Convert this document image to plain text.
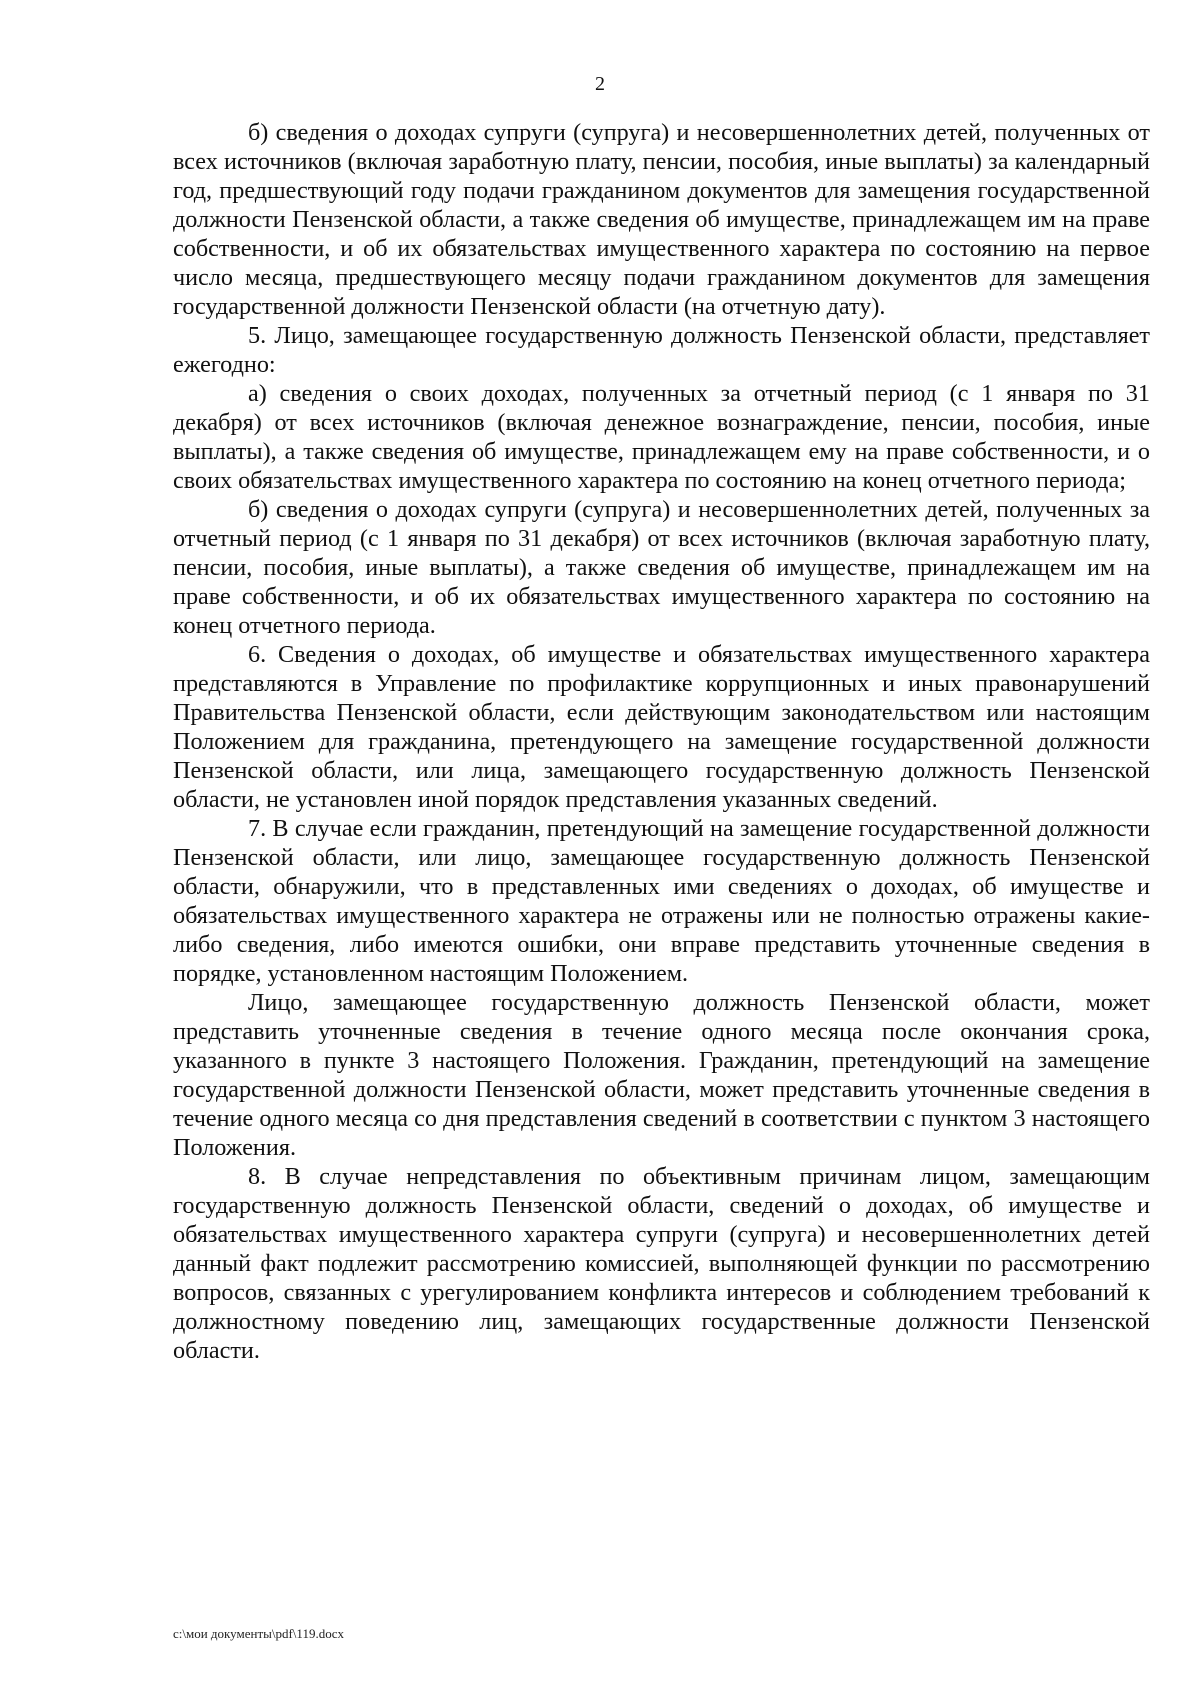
2

б) сведения о доходах супруги (супруга) и несовершеннолетних детей, полученных от всех источников (включая заработную плату, пенсии, пособия, иные выплаты) за календарный год, предшествующий году подачи гражданином документов для замещения государственной должности Пензенской области, а также сведения об имуществе, принадлежащем им на праве собственности, и об их обязательствах имущественного характера по состоянию на первое число месяца, предшествующего месяцу подачи гражданином документов для замещения государственной должности Пензенской области (на отчетную дату).

5. Лицо, замещающее государственную должность Пензенской области, представляет ежегодно:

а) сведения о своих доходах, полученных за отчетный период (с 1 января по 31 декабря) от всех источников (включая денежное вознаграждение, пенсии, пособия, иные выплаты), а также сведения об имуществе, принадлежащем ему на праве собственности, и о своих обязательствах имущественного характера по состоянию на конец отчетного периода;

б) сведения о доходах супруги (супруга) и несовершеннолетних детей, полученных за отчетный период (с 1 января по 31 декабря) от всех источников (включая заработную плату, пенсии, пособия, иные выплаты), а также сведения об имуществе, принадлежащем им на праве собственности, и об их обязательствах имущественного характера по состоянию на конец отчетного периода.

6. Сведения о доходах, об имуществе и обязательствах имущественного характера представляются в Управление по профилактике коррупционных и иных правонарушений Правительства Пензенской области, если действующим законодательством или настоящим Положением для гражданина, претендующего на замещение государственной должности Пензенской области, или лица, замещающего государственную должность Пензенской области, не установлен иной порядок представления указанных сведений.

7. В случае если гражданин, претендующий на замещение государственной должности Пензенской области, или лицо, замещающее государственную должность Пензенской области, обнаружили, что в представленных ими сведениях о доходах, об имуществе и обязательствах имущественного характера не отражены или не полностью отражены какие-либо сведения, либо имеются ошибки, они вправе представить уточненные сведения в порядке, установленном настоящим Положением.

Лицо, замещающее государственную должность Пензенской области, может представить уточненные сведения в течение одного месяца после окончания срока, указанного в пункте 3 настоящего Положения. Гражданин, претендующий на замещение государственной должности Пензенской области, может представить уточненные сведения в течение одного месяца со дня представления сведений в соответствии с пунктом 3 настоящего Положения.

8. В случае непредставления по объективным причинам лицом, замещающим государственную должность Пензенской области, сведений о доходах, об имуществе и обязательствах имущественного характера супруги (супруга) и несовершеннолетних детей данный факт подлежит рассмотрению комиссией, выполняющей функции по рассмотрению вопросов, связанных с урегулированием конфликта интересов и соблюдением требований к должностному поведению лиц, замещающих государственные должности Пензенской области.

c:\мои документы\pdf\119.docx
